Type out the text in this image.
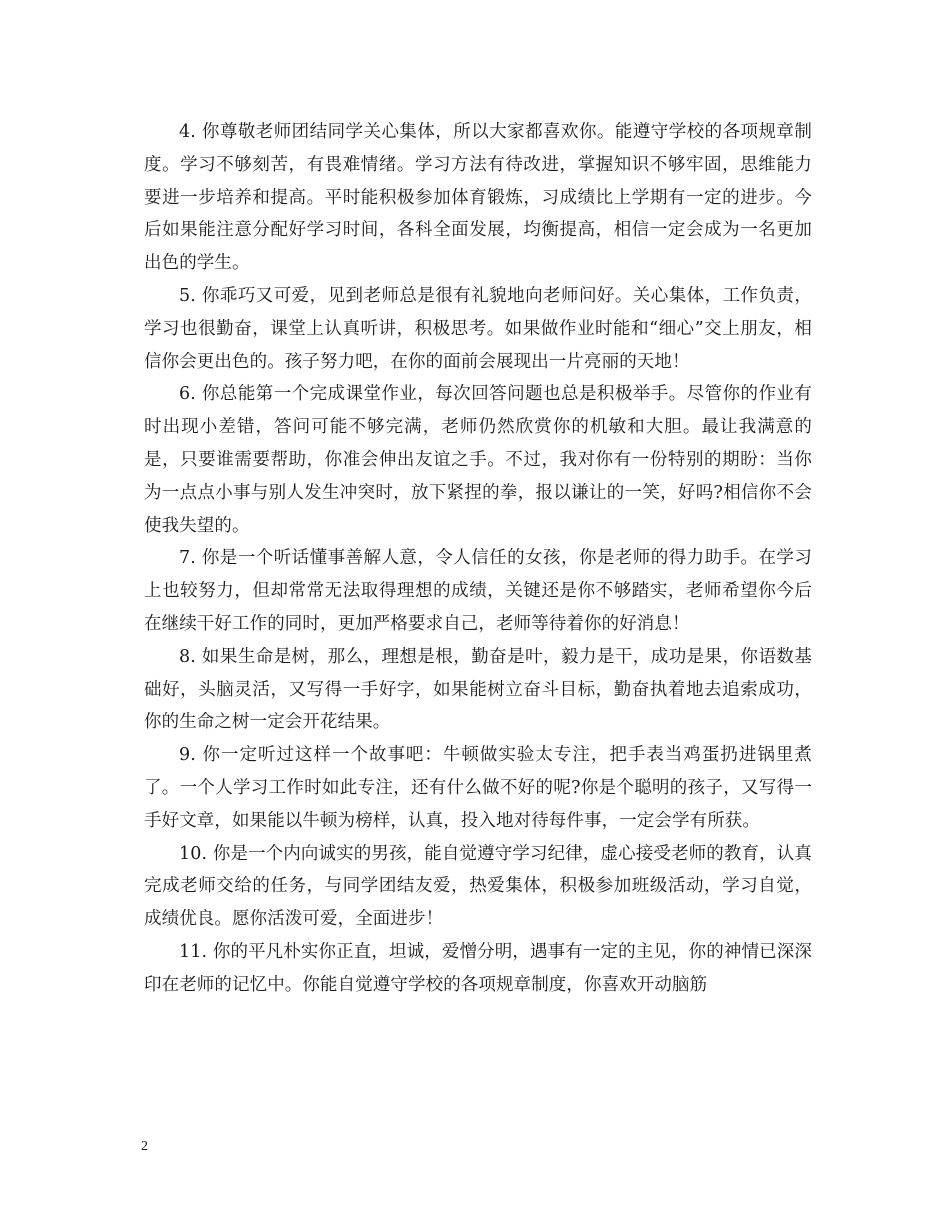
4. 你尊敬老师团结同学关心集体，所以大家都喜欢你。能遵守学校的各项规章制度。学习不够刻苦，有畏难情绪。学习方法有待改进，掌握知识不够牢固，思维能力要进一步培养和提高。平时能积极参加体育锻炼，习成绩比上学期有一定的进步。今后如果能注意分配好学习时间，各科全面发展，均衡提高，相信一定会成为一名更加出色的学生。

5. 你乖巧又可爱，见到老师总是很有礼貌地向老师问好。关心集体，工作负责，学习也很勤奋，课堂上认真听讲，积极思考。如果做作业时能和“细心”交上朋友，相信你会更出色的。孩子努力吧，在你的面前会展现出一片亮丽的天地！

6. 你总能第一个完成课堂作业，每次回答问题也总是积极举手。尽管你的作业有时出现小差错，答问可能不够完满，老师仍然欣赏你的机敏和大胆。最让我满意的是，只要谁需要帮助，你准会伸出友谊之手。不过，我对你有一份特别的期盼：当你为一点点小事与别人发生冲突时，放下紧捏的拳，报以谦让的一笑，好吗?相信你不会使我失望的。

7. 你是一个听话懂事善解人意，令人信任的女孩，你是老师的得力助手。在学习上也较努力，但却常常无法取得理想的成绩，关键还是你不够踏实，老师希望你今后在继续干好工作的同时，更加严格要求自己，老师等待着你的好消息！

8. 如果生命是树，那么，理想是根，勤奋是叶，毅力是干，成功是果，你语数基础好，头脑灵活，又写得一手好字，如果能树立奋斗目标，勤奋执着地去追索成功，你的生命之树一定会开花结果。

9. 你一定听过这样一个故事吧：牛顿做实验太专注，把手表当鸡蛋扔进锅里煮了。一个人学习工作时如此专注，还有什么做不好的呢?你是个聪明的孩子，又写得一手好文章，如果能以牛顿为榜样，认真，投入地对待每件事，一定会学有所获。

10. 你是一个内向诚实的男孩，能自觉遵守学习纪律，虚心接受老师的教育，认真完成老师交给的任务，与同学团结友爱，热爱集体，积极参加班级活动，学习自觉，成绩优良。愿你活泼可爱，全面进步！

11. 你的平凡朴实你正直，坦诚，爱憎分明，遇事有一定的主见，你的神情已深深印在老师的记忆中。你能自觉遵守学校的各项规章制度，你喜欢开动脑筋

2
